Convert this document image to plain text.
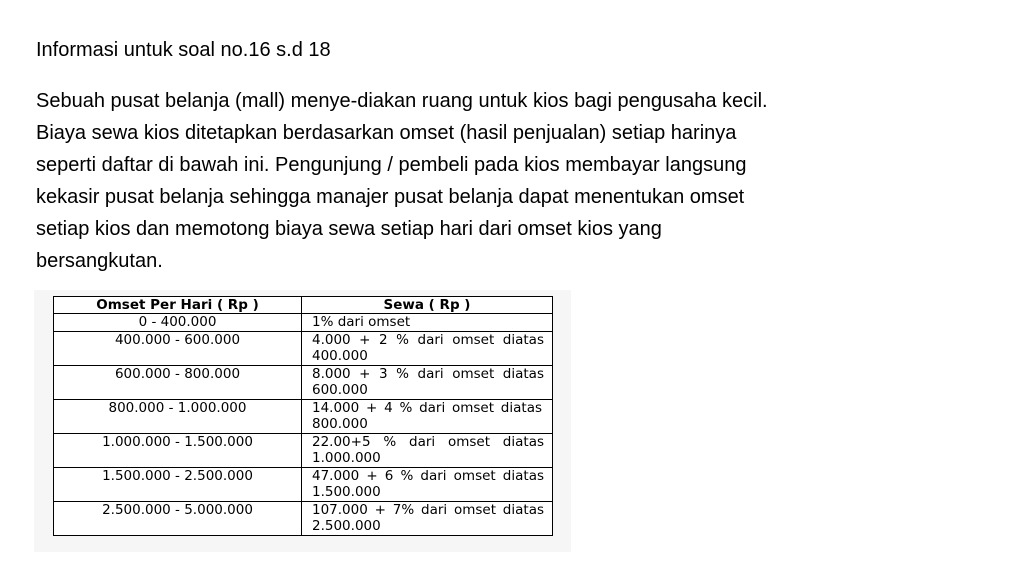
Informasi untuk soal no.16 s.d 18
Sebuah pusat belanja (mall) menye-diakan ruang untuk kios bagi pengusaha kecil.
Biaya sewa kios ditetapkan berdasarkan omset (hasil penjualan) setiap harinya
seperti daftar di bawah ini. Pengunjung / pembeli pada kios membayar langsung
kekasir pusat belanja sehingga manajer pusat belanja dapat menentukan omset
setiap kios dan memotong biaya sewa setiap hari dari omset kios yang
bersangkutan.
Omset Per Hari ( Rp )	Sewa ( Rp )
0 - 400.000	1% dari omset
400.000 - 600.000	4.000 + 2 % dari omset diatas 400.000
600.000 - 800.000	8.000 + 3 % dari omset diatas 600.000
800.000 - 1.000.000	14.000 + 4 % dari omset diatas 800.000
1.000.000 - 1.500.000	22.00+5 % dari omset diatas 1.000.000
1.500.000 - 2.500.000	47.000 + 6 % dari omset diatas 1.500.000
2.500.000 - 5.000.000	107.000 + 7% dari omset diatas 2.500.000
